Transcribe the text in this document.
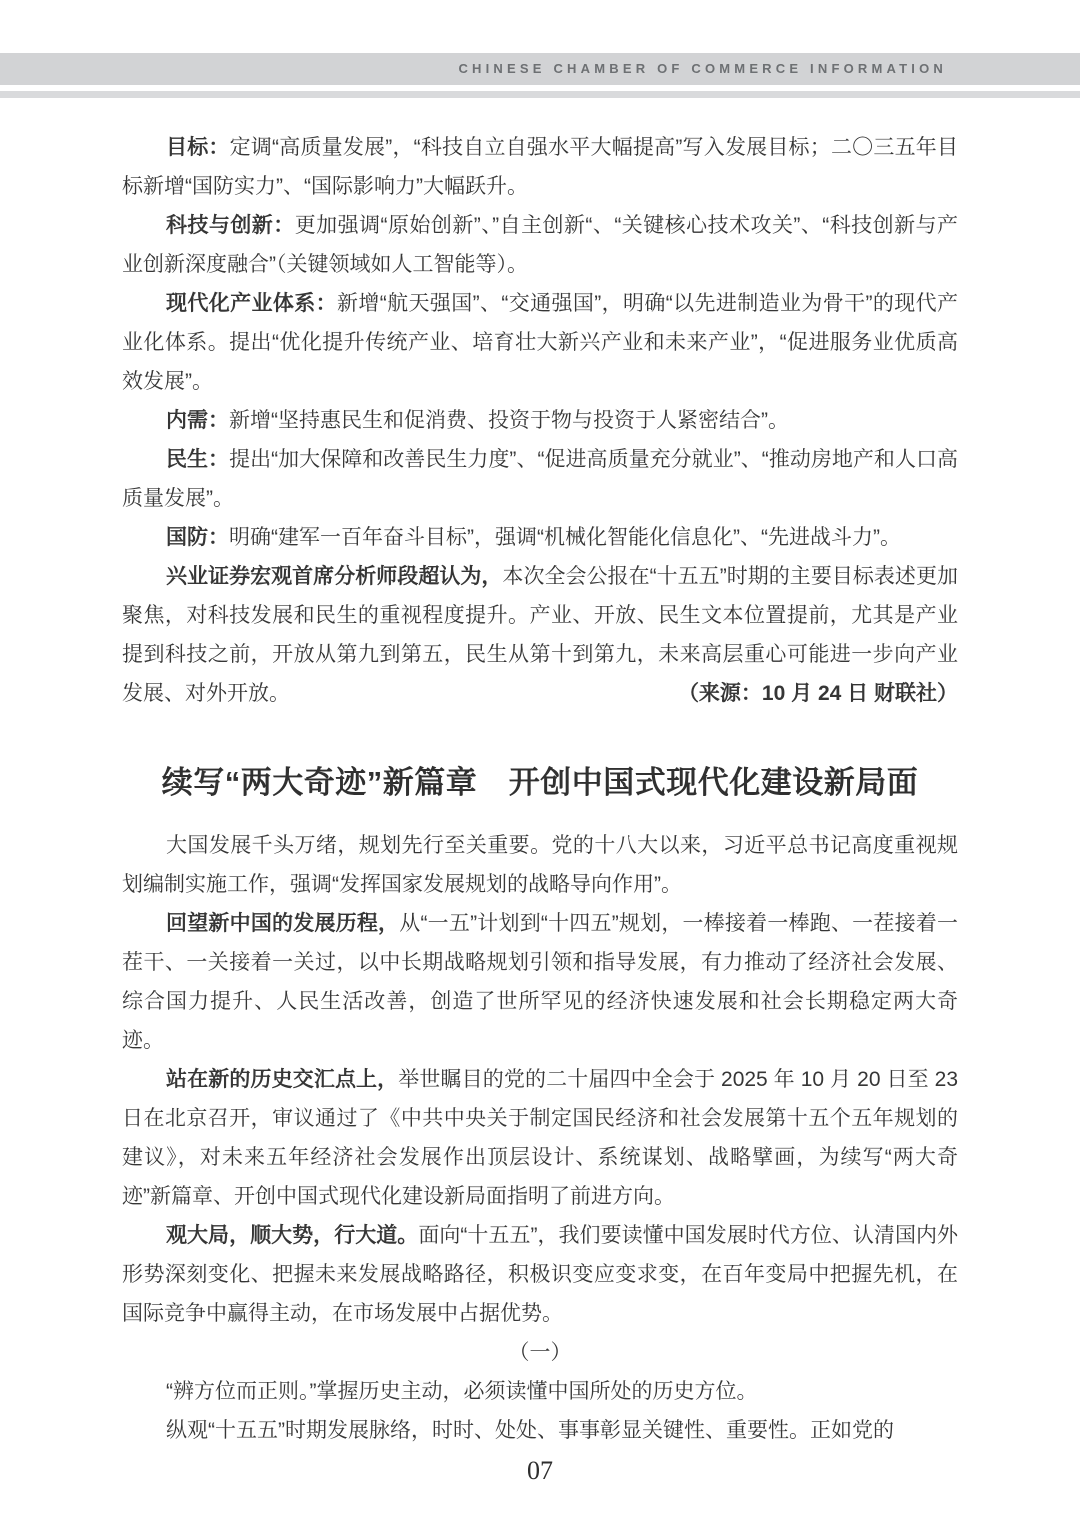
CHINESE CHAMBER OF COMMERCE INFORMATION

目标：定调“高质量发展”，“科技自立自强水平大幅提高”写入发展目标；二〇三五年目标新增“国防实力”、“国际影响力”大幅跃升。

科技与创新：更加强调“原始创新”、”自主创新“、“关键核心技术攻关”、“科技创新与产业创新深度融合”（关键领域如人工智能等）。

现代化产业体系：新增“航天强国”、“交通强国”，明确“以先进制造业为骨干”的现代产业化体系。提出“优化提升传统产业、培育壮大新兴产业和未来产业”，“促进服务业优质高效发展”。

内需：新增“坚持惠民生和促消费、投资于物与投资于人紧密结合”。

民生：提出“加大保障和改善民生力度”、“促进高质量充分就业”、“推动房地产和人口高质量发展”。

国防：明确“建军一百年奋斗目标”，强调“机械化智能化信息化”、“先进战斗力”。

兴业证券宏观首席分析师段超认为，本次全会公报在“十五五”时期的主要目标表述更加聚焦，对科技发展和民生的重视程度提升。产业、开放、民生文本位置提前，尤其是产业提到科技之前，开放从第九到第五，民生从第十到第九，未来高层重心可能进一步向产业发展、对外开放。	（来源：10 月 24 日 财联社）

续写“两大奇迹”新篇章　开创中国式现代化建设新局面

大国发展千头万绪，规划先行至关重要。党的十八大以来，习近平总书记高度重视规划编制实施工作，强调“发挥国家发展规划的战略导向作用”。

回望新中国的发展历程，从“一五”计划到“十四五”规划，一棒接着一棒跑、一茬接着一茬干、一关接着一关过，以中长期战略规划引领和指导发展，有力推动了经济社会发展、综合国力提升、人民生活改善，创造了世所罕见的经济快速发展和社会长期稳定两大奇迹。

站在新的历史交汇点上，举世瞩目的党的二十届四中全会于 2025 年 10 月 20 日至 23 日在北京召开，审议通过了《中共中央关于制定国民经济和社会发展第十五个五年规划的建议》，对未来五年经济社会发展作出顶层设计、系统谋划、战略擘画，为续写“两大奇迹”新篇章、开创中国式现代化建设新局面指明了前进方向。

观大局，顺大势，行大道。面向“十五五”，我们要读懂中国发展时代方位、认清国内外形势深刻变化、把握未来发展战略路径，积极识变应变求变，在百年变局中把握先机，在国际竞争中赢得主动，在市场发展中占据优势。

（一）

“辨方位而正则。”掌握历史主动，必须读懂中国所处的历史方位。

纵观“十五五”时期发展脉络，时时、处处、事事彰显关键性、重要性。正如党的

07
